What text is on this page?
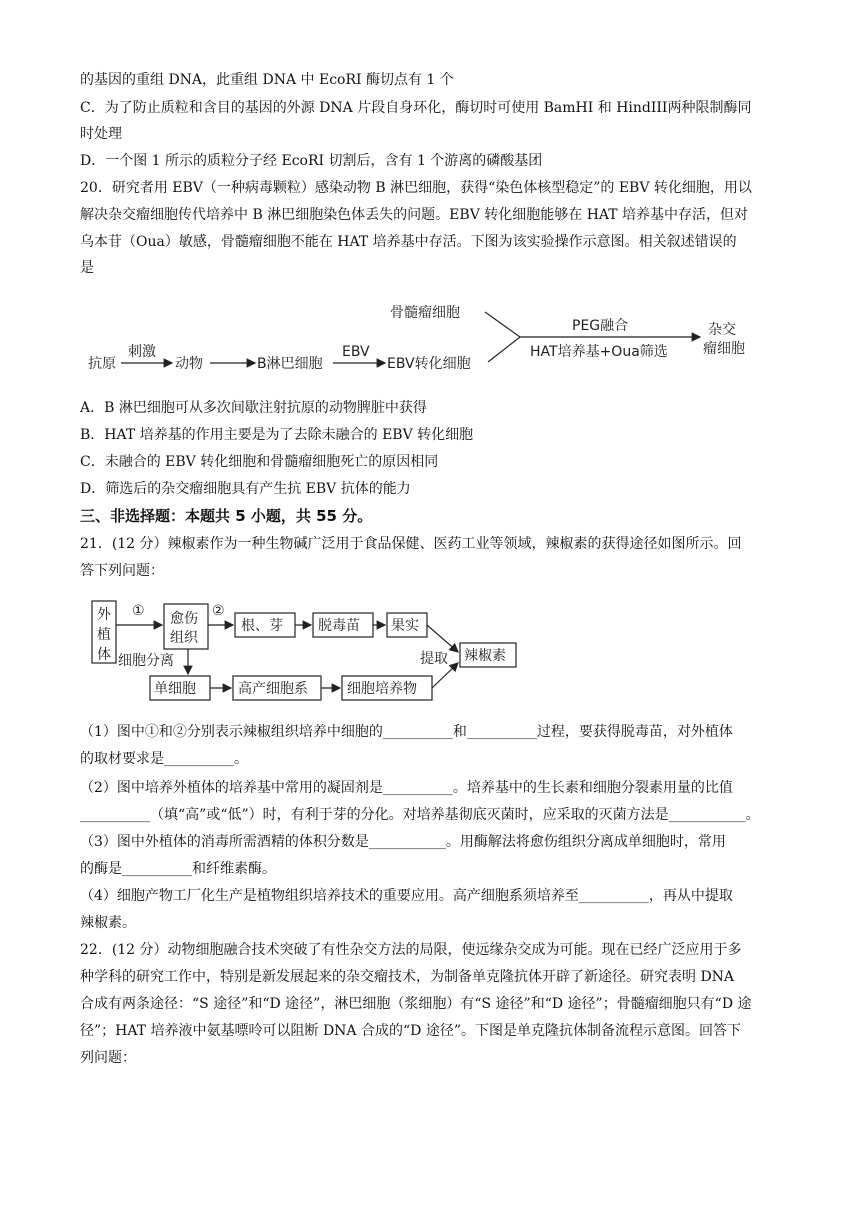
的基因的重组 DNA，此重组 DNA 中 EcoRI 酶切点有 1 个
C．为了防止质粒和含目的基因的外源 DNA 片段自身环化，酶切时可使用 BamHI 和 HindIII两种限制酶同
时处理
D．一个图 1 所示的质粒分子经 EcoRI 切割后，含有 1 个游离的磷酸基团
20．研究者用 EBV（一种病毒颗粒）感染动物 B 淋巴细胞，获得“染色体核型稳定”的 EBV 转化细胞，用以
解决杂交瘤细胞传代培养中 B 淋巴细胞染色体丢失的问题。EBV 转化细胞能够在 HAT 培养基中存活，但对
乌本苷（Oua）敏感，骨髓瘤细胞不能在 HAT 培养基中存活。下图为该实验操作示意图。相关叙述错误的
是
刺激
抗原	动物	B淋巴细胞
EBV
EBV转化细胞
骨髓瘤细胞
PEG融合
HAT培养基+Oua筛选
杂交
瘤细胞
A．B 淋巴细胞可从多次间歇注射抗原的动物脾脏中获得
B．HAT 培养基的作用主要是为了去除未融合的 EBV 转化细胞
C．未融合的 EBV 转化细胞和骨髓瘤细胞死亡的原因相同
D．筛选后的杂交瘤细胞具有产生抗 EBV 抗体的能力
三、非选择题：本题共 5 小题，共 55 分。
21．(12 分）辣椒素作为一种生物碱广泛用于食品保健、医药工业等领域，辣椒素的获得途径如图所示。回
答下列问题：
外
植
体
① 愈伤
组织
②
根、芽	脱毒苗 果实
辣椒素
提取
细胞分离
单细胞	高产细胞系	细胞培养物
（1）图中①和②分别表示辣椒组织培养中细胞的__________和__________过程，要获得脱毒苗，对外植体
的取材要求是__________。
（2）图中培养外植体的培养基中常用的凝固剂是__________。培养基中的生长素和细胞分裂素用量的比值
__________（填“高”或“低”）时，有利于芽的分化。对培养基彻底灭菌时，应采取的灭菌方法是___________。
（3）图中外植体的消毒所需酒精的体积分数是___________。用酶解法将愈伤组织分离成单细胞时，常用
的酶是__________和纤维素酶。
（4）细胞产物工厂化生产是植物组织培养技术的重要应用。高产细胞系须培养至__________，再从中提取
辣椒素。
22．(12 分）动物细胞融合技术突破了有性杂交方法的局限，使远缘杂交成为可能。现在已经广泛应用于多
种学科的研究工作中，特别是新发展起来的杂交瘤技术，为制备单克隆抗体开辟了新途径。研究表明 DNA
合成有两条途径：“S 途径”和“D 途径”，淋巴细胞（浆细胞）有“S 途径”和“D 途径”；骨髓瘤细胞只有“D 途
径”；HAT 培养液中氨基嘌呤可以阻断 DNA 合成的“D 途径”。下图是单克隆抗体制备流程示意图。回答下
列问题：
